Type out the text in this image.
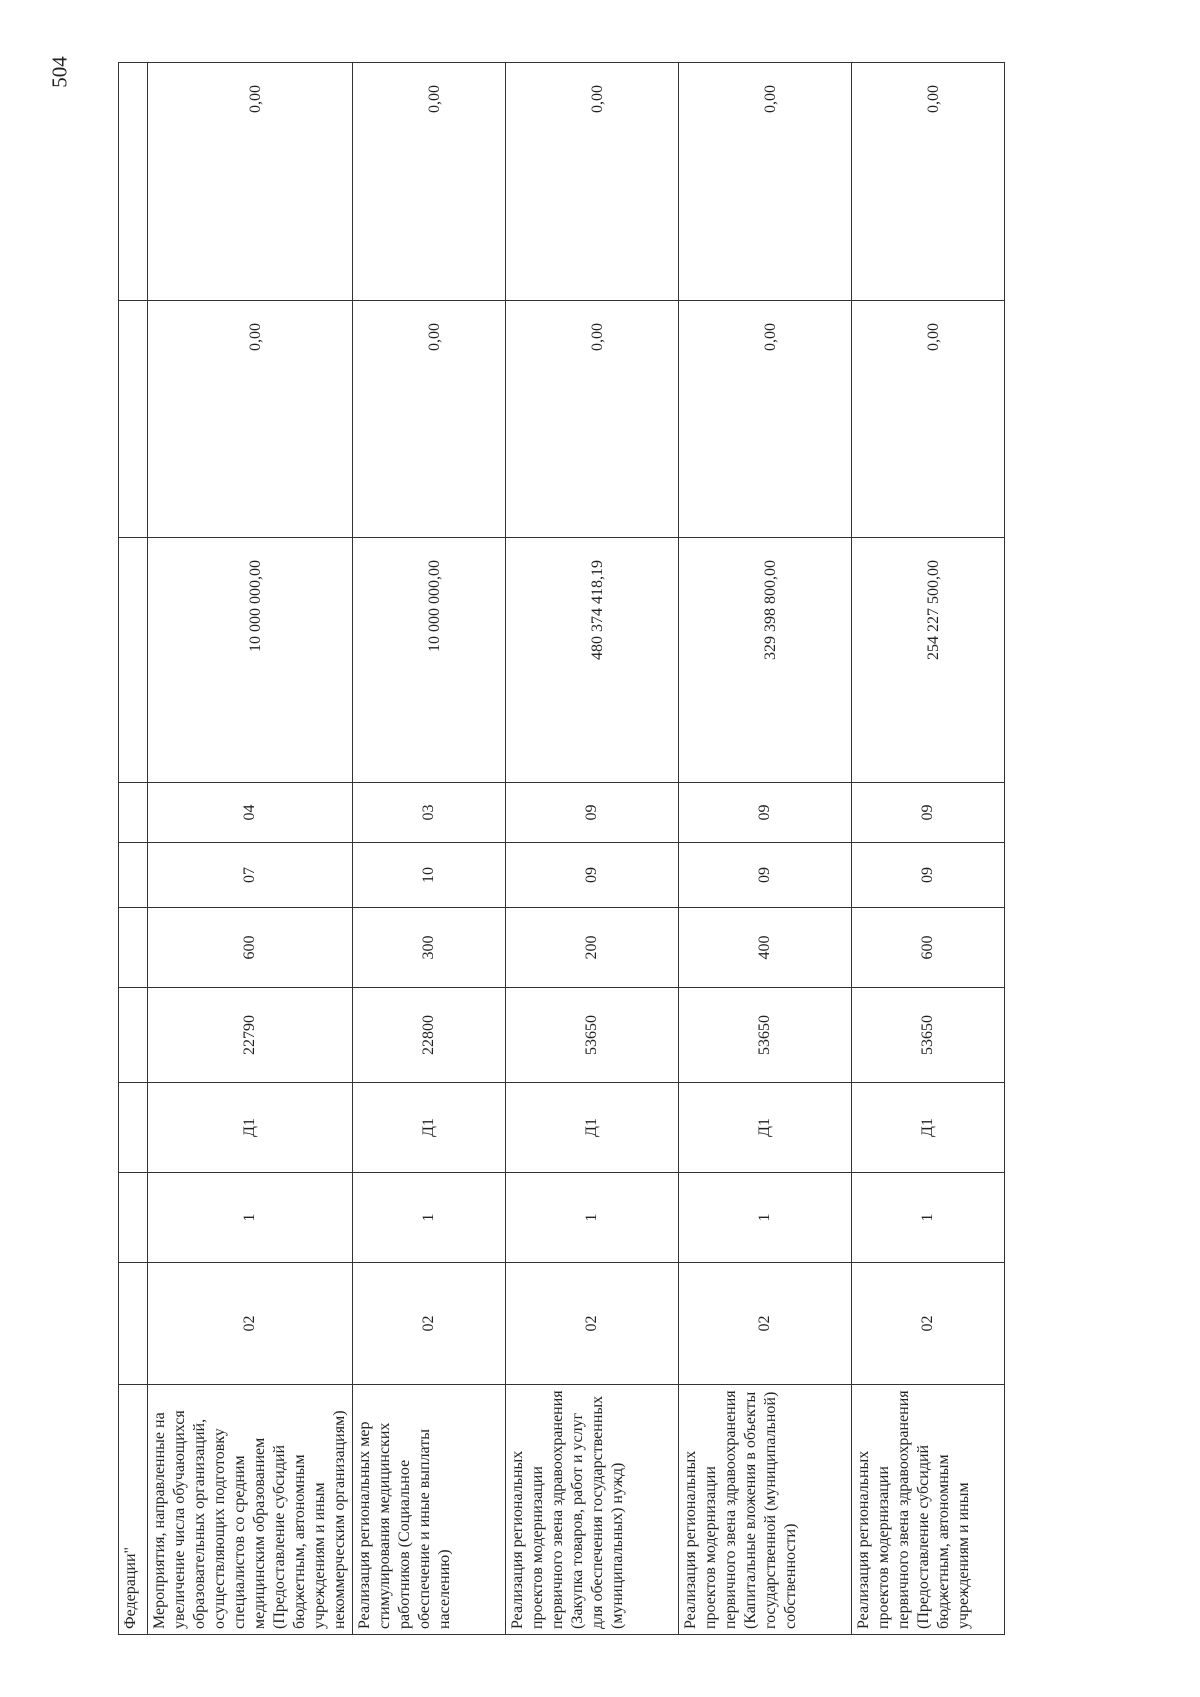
504
Федерации"										
Мероприятия, направленные на увеличение числа обучающихся образовательных организаций, осуществляющих подготовку специалистов со средним медицинским образованием (Предоставление субсидий бюджетным, автономным учреждениям и иным некоммерческим организациям)	02	1	Д1	22790	600	07	04	10 000 000,00	0,00	0,00
Реализация региональных мер стимулирования медицинских работников (Социальное обеспечение и иные выплаты населению)	02	1	Д1	22800	300	10	03	10 000 000,00	0,00	0,00
Реализация региональных проектов модернизации первичного звена здравоохранения (Закупка товаров, работ и услуг для обеспечения государственных (муниципальных) нужд)	02	1	Д1	53650	200	09	09	480 374 418,19	0,00	0,00
Реализация региональных проектов модернизации первичного звена здравоохранения (Капитальные вложения в объекты государственной (муниципальной) собственности)	02	1	Д1	53650	400	09	09	329 398 800,00	0,00	0,00
Реализация региональных проектов модернизации первичного звена здравоохранения (Предоставление субсидий бюджетным, автономным учреждениям и иным	02	1	Д1	53650	600	09	09	254 227 500,00	0,00	0,00
